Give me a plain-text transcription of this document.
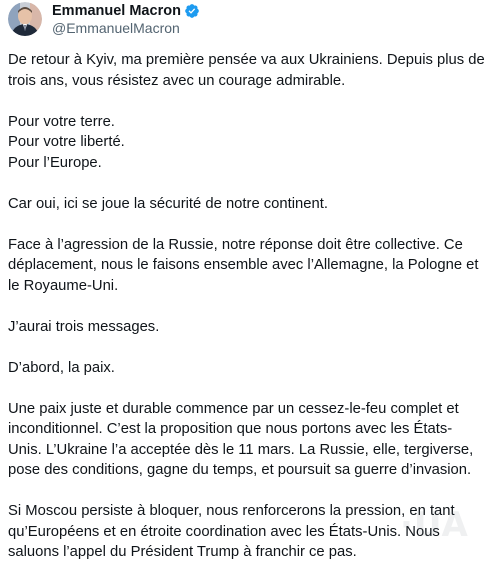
Emmanuel Macron
@EmmanuelMacron
De retour à Kyiv, ma première pensée va aux Ukrainiens. Depuis plus de
trois ans, vous résistez avec un courage admirable.
Pour votre terre.
Pour votre liberté.
Pour l’Europe.
Car oui, ici se joue la sécurité de notre continent.
Face à l’agression de la Russie, notre réponse doit être collective. Ce
déplacement, nous le faisons ensemble avec l’Allemagne, la Pologne et
le Royaume-Uni.
J’aurai trois messages.
D’abord, la paix.
Une paix juste et durable commence par un cessez-le-feu complet et
inconditionnel. C’est la proposition que nous portons avec les États-
Unis. L’Ukraine l’a acceptée dès le 11 mars. La Russie, elle, tergiverse,
pose des conditions, gagne du temps, et poursuit sa guerre d’invasion.
Si Moscou persiste à bloquer, nous renforcerons la pression, en tant
qu’Européens et en étroite coordination avec les États-Unis. Nous
saluons l’appel du Président Trump à franchir ce pas.
·UA
